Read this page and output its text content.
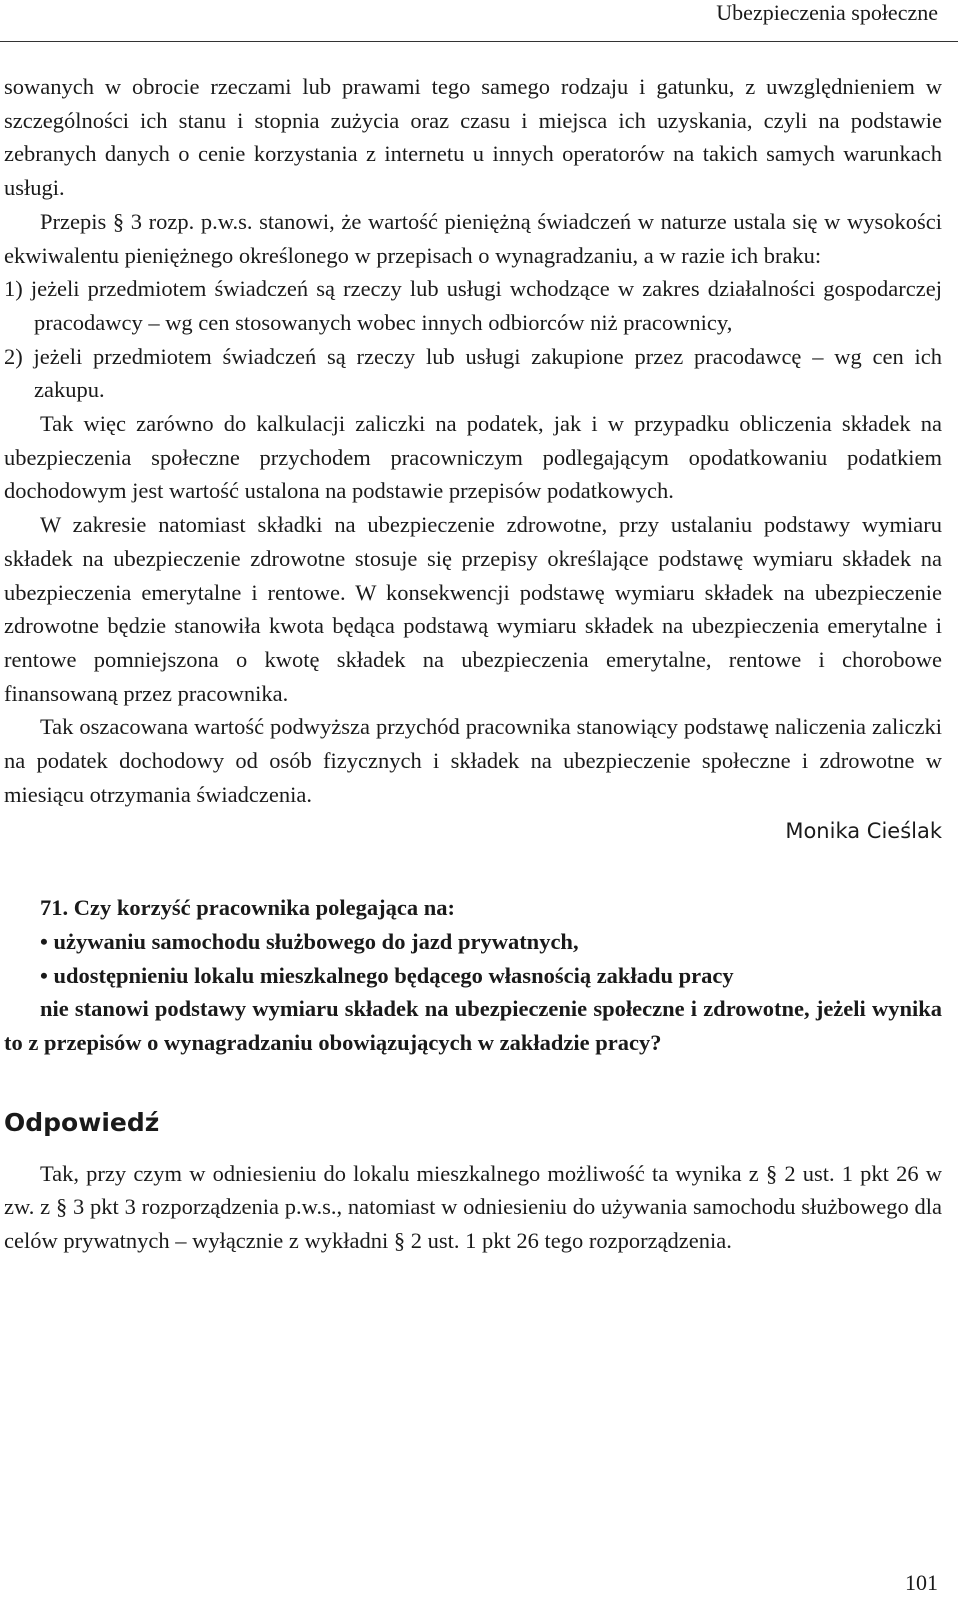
Ubezpieczenia społeczne

sowanych w obrocie rzeczami lub prawami tego samego rodzaju i gatunku, z uwzględnieniem w szczególności ich stanu i stopnia zużycia oraz czasu i miejsca ich uzyskania, czyli na podstawie zebranych danych o cenie korzystania z internetu u innych operatorów na takich samych warunkach usługi.

Przepis § 3 rozp. p.w.s. stanowi, że wartość pieniężną świadczeń w naturze ustala się w wysokości ekwiwalentu pieniężnego określonego w przepisach o wynagradzaniu, a w razie ich braku:

1) jeżeli przedmiotem świadczeń są rzeczy lub usługi wchodzące w zakres działalności gospodarczej pracodawcy – wg cen stosowanych wobec innych odbiorców niż pracownicy,

2) jeżeli przedmiotem świadczeń są rzeczy lub usługi zakupione przez pracodawcę – wg cen ich zakupu.

Tak więc zarówno do kalkulacji zaliczki na podatek, jak i w przypadku obliczenia składek na ubezpieczenia społeczne przychodem pracowniczym podlegającym opodatkowaniu podatkiem dochodowym jest wartość ustalona na podstawie przepisów podatkowych.

W zakresie natomiast składki na ubezpieczenie zdrowotne, przy ustalaniu podstawy wymiaru składek na ubezpieczenie zdrowotne stosuje się przepisy określające podstawę wymiaru składek na ubezpieczenia emerytalne i rentowe. W konsekwencji podstawę wymiaru składek na ubezpieczenie zdrowotne będzie stanowiła kwota będąca podstawą wymiaru składek na ubezpieczenia emerytalne i rentowe pomniejszona o kwotę składek na ubezpieczenia emerytalne, rentowe i chorobowe finansowaną przez pracownika.

Tak oszacowana wartość podwyższa przychód pracownika stanowiący podstawę naliczenia zaliczki na podatek dochodowy od osób fizycznych i składek na ubezpieczenie społeczne i zdrowotne w miesiącu otrzymania świadczenia.

Monika Cieślak
71. Czy korzyść pracownika polegająca na:
• używaniu samochodu służbowego do jazd prywatnych,
• udostępnieniu lokalu mieszkalnego będącego własnością zakładu pracy
nie stanowi podstawy wymiaru składek na ubezpieczenie społeczne i zdrowotne, jeżeli wynika to z przepisów o wynagradzaniu obowiązujących w zakładzie pracy?
Odpowiedź

Tak, przy czym w odniesieniu do lokalu mieszkalnego możliwość ta wynika z § 2 ust. 1 pkt 26 w zw. z § 3 pkt 3 rozporządzenia p.w.s., natomiast w odniesieniu do używania samochodu służbowego dla celów prywatnych – wyłącznie z wykładni § 2 ust. 1 pkt 26 tego rozporządzenia.

101
